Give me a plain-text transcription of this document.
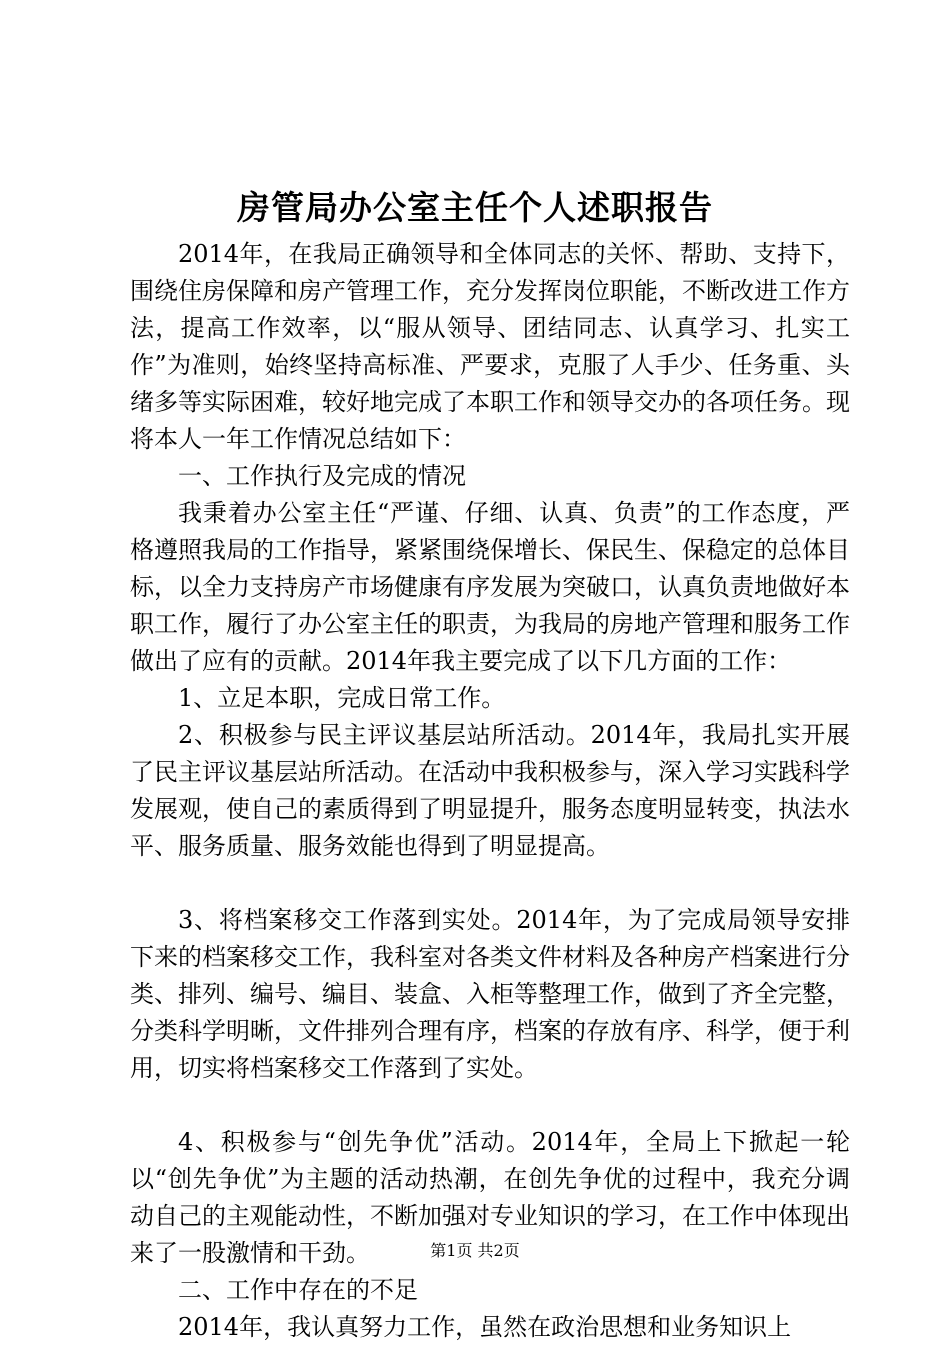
房管局办公室主任个人述职报告

2014年，在我局正确领导和全体同志的关怀、帮助、支持下，围绕住房保障和房产管理工作，充分发挥岗位职能，不断改进工作方法，提高工作效率，以“服从领导、团结同志、认真学习、扎实工作”为准则，始终坚持高标准、严要求，克服了人手少、任务重、头绪多等实际困难，较好地完成了本职工作和领导交办的各项任务。现将本人一年工作情况总结如下：

一、工作执行及完成的情况

我秉着办公室主任“严谨、仔细、认真、负责”的工作态度，严格遵照我局的工作指导，紧紧围绕保增长、保民生、保稳定的总体目标，以全力支持房产市场健康有序发展为突破口，认真负责地做好本职工作，履行了办公室主任的职责，为我局的房地产管理和服务工作做出了应有的贡献。2014年我主要完成了以下几方面的工作：

1、立足本职，完成日常工作。

2、积极参与民主评议基层站所活动。2014年，我局扎实开展了民主评议基层站所活动。在活动中我积极参与，深入学习实践科学发展观，使自己的素质得到了明显提升，服务态度明显转变，执法水平、服务质量、服务效能也得到了明显提高。

3、将档案移交工作落到实处。2014年，为了完成局领导安排下来的档案移交工作，我科室对各类文件材料及各种房产档案进行分类、排列、编号、编目、装盒、入柜等整理工作，做到了齐全完整，分类科学明晰，文件排列合理有序，档案的存放有序、科学，便于利用，切实将档案移交工作落到了实处。

4、积极参与“创先争优”活动。2014年，全局上下掀起一轮以“创先争优”为主题的活动热潮，在创先争优的过程中，我充分调动自己的主观能动性，不断加强对专业知识的学习，在工作中体现出来了一股激情和干劲。

二、工作中存在的不足

2014年，我认真努力工作，虽然在政治思想和业务知识上

第1页 共2页
